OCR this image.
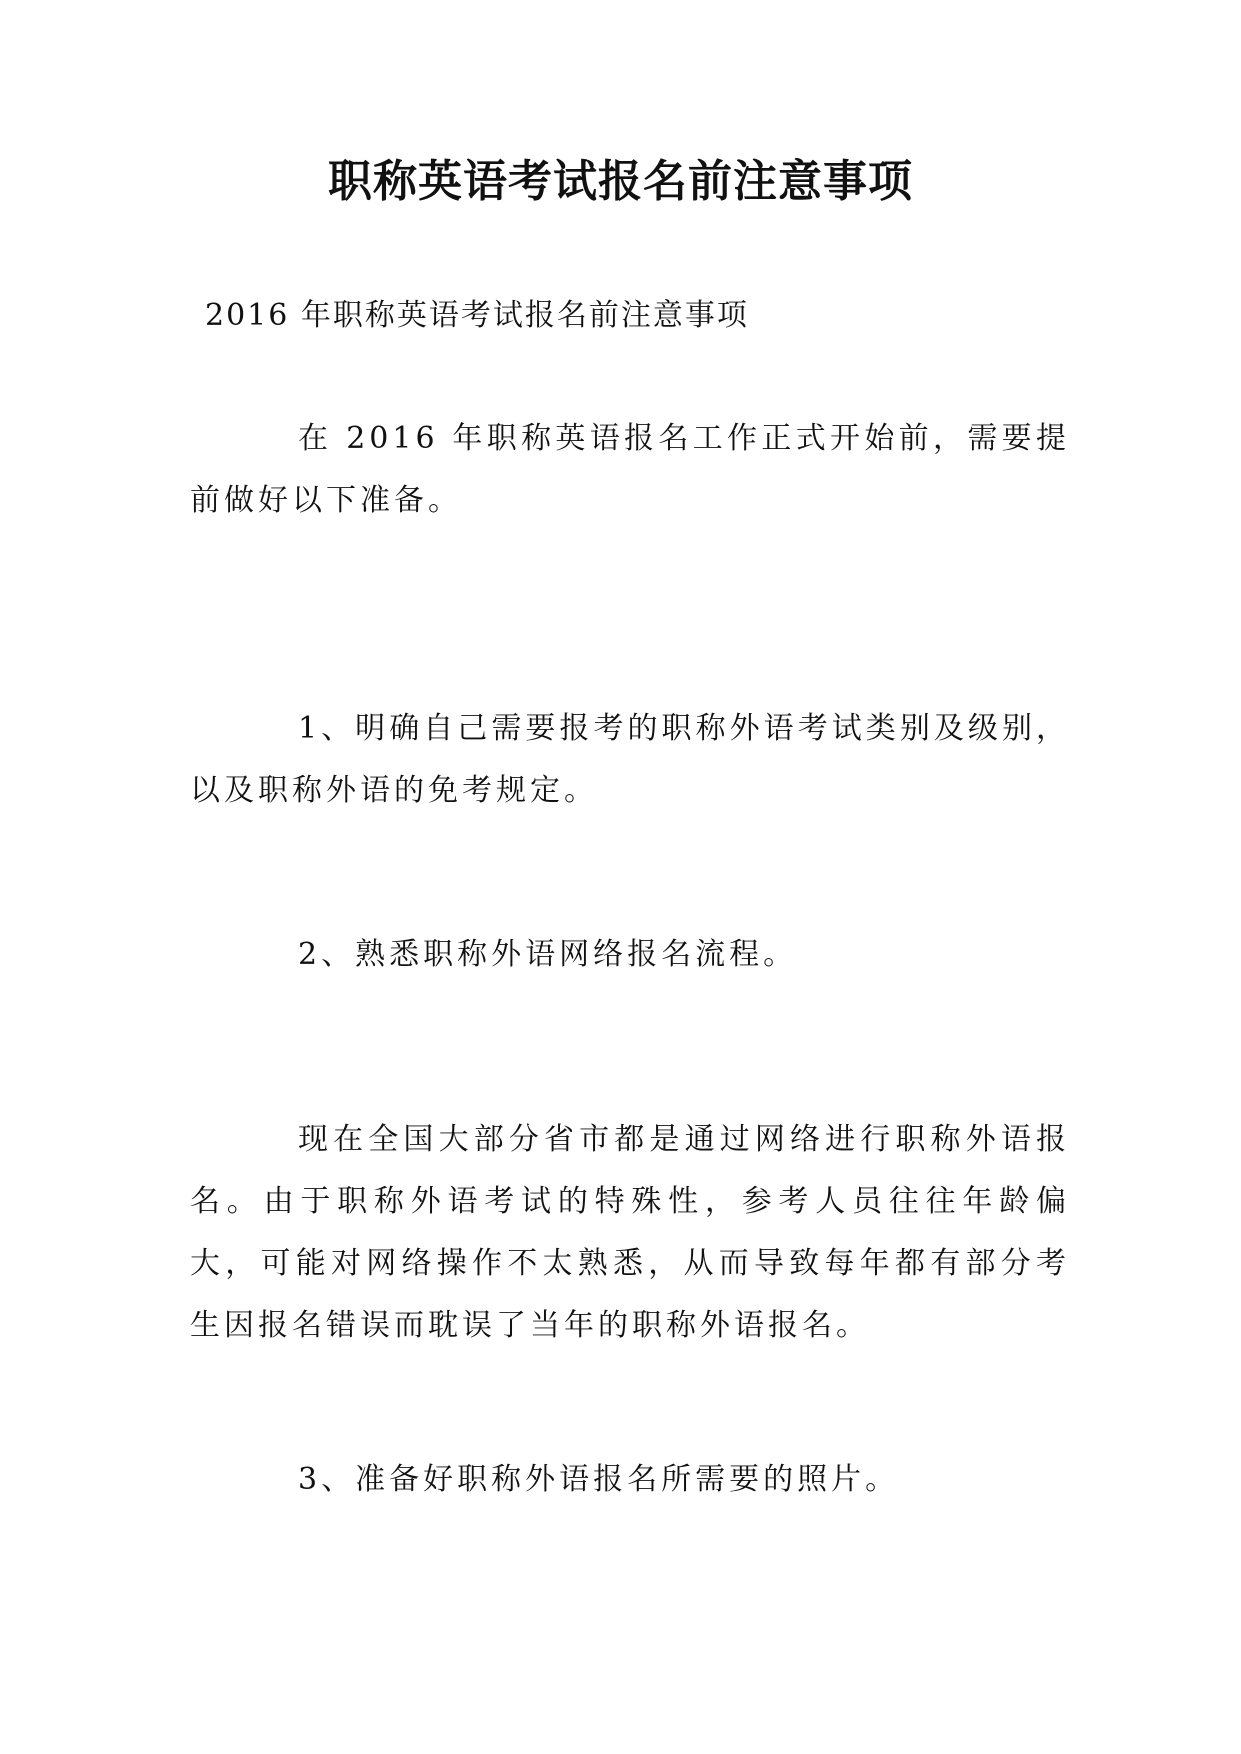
职称英语考试报名前注意事项

2016 年职称英语考试报名前注意事项

在 2016 年职称英语报名工作正式开始前，需要提前做好以下准备。

1、明确自己需要报考的职称外语考试类别及级别，以及职称外语的免考规定。

2、熟悉职称外语网络报名流程。

现在全国大部分省市都是通过网络进行职称外语报名。由于职称外语考试的特殊性，参考人员往往年龄偏大，可能对网络操作不太熟悉，从而导致每年都有部分考生因报名错误而耽误了当年的职称外语报名。

3、准备好职称外语报名所需要的照片。
